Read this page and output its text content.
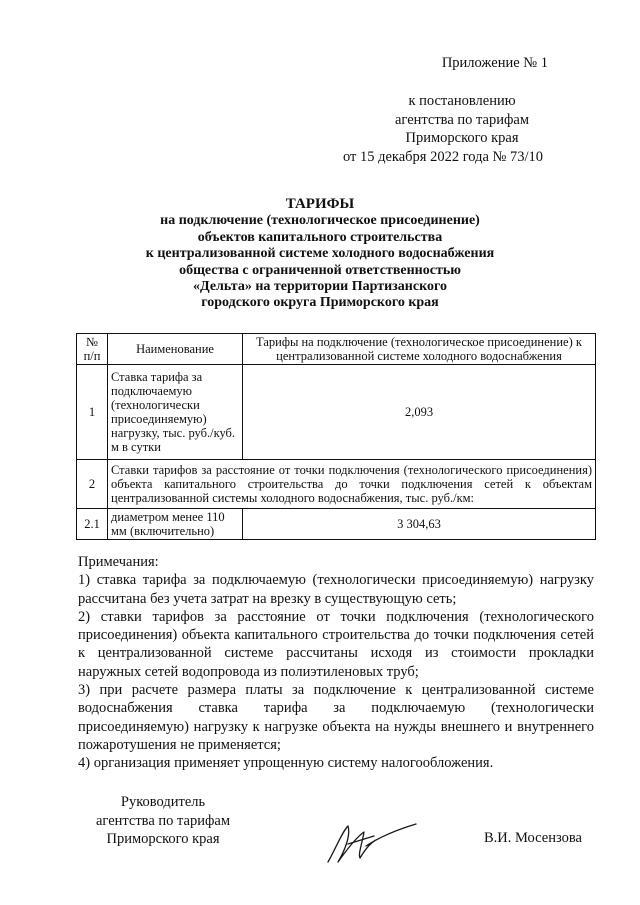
Приложение № 1
к постановлению
агентства по тарифам
Приморского края
от 15 декабря 2022 года № 73/10
ТАРИФЫ
на подключение (технологическое присоединение)
объектов капитального строительства
к централизованной системе холодного водоснабжения
общества с ограниченной ответственностью
«Дельта» на территории Партизанского
городского округа Приморского края
№ п/п	Наименование	Тарифы на подключение (технологическое присоединение) к централизованной системе холодного водоснабжения
1	Ставка тарифа за подключаемую (технологически присоединяемую) нагрузку, тыс. руб./куб. м в сутки	2,093
2	Ставки тарифов за расстояние от точки подключения (технологического присоединения) объекта капитального строительства до точки подключения сетей к объектам централизованной системы холодного водоснабжения, тыс. руб./км:	
2.1	диаметром менее 110 мм (включительно)	3 304,63

Примечания:

1) ставка тарифа за подключаемую (технологически присоединяемую) нагрузку рассчитана без учета затрат на врезку в существующую сеть;

2) ставки тарифов за расстояние от точки подключения (технологического присоединения) объекта капитального строительства до точки подключения сетей к централизованной системе рассчитаны исходя из стоимости прокладки наружных сетей водопровода из полиэтиленовых труб;

3) при расчете размера платы за подключение к централизованной системе водоснабжения ставка тарифа за подключаемую (технологически присоединяемую) нагрузку к нагрузке объекта на нужды внешнего и внутреннего пожаротушения не применяется;

4) организация применяет упрощенную систему налогообложения.

Руководитель
агентства по тарифам
Приморского края	В.И. Мосензова
